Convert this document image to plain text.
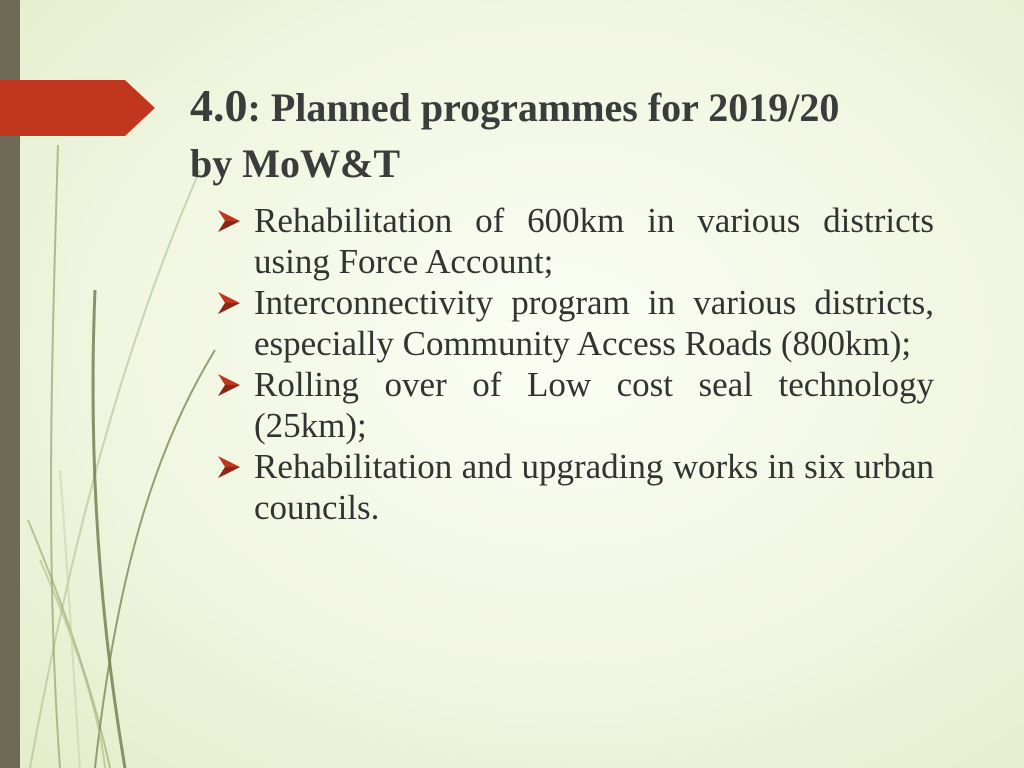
4.0: Planned programmes for 2019/20
by MoW&T
Rehabilitation of 600km in various districts using Force Account;
Interconnectivity program in various districts, especially Community Access Roads (800km);
Rolling over of Low cost seal technology (25km);
Rehabilitation and upgrading works in six urban councils.
